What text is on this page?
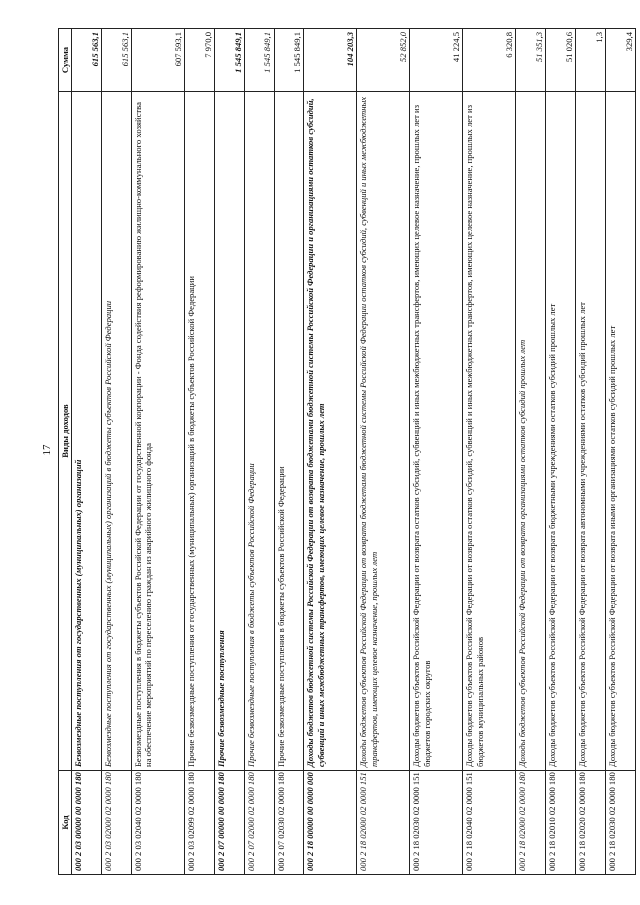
17
Код	Виды доходов	Сумма
000 2 03 00000 00 0000 180	Безвозмездные поступления от государственных (муниципальных) организаций	615 563,1
000 2 03 02000 02 0000 180	Безвозмездные поступления от государственных (муниципальных) организаций в бюджеты субъектов Российской Федерации	615 563,1
000 2 03 02040 02 0000 180	Безвозмездные поступления в бюджеты субъектов Российской Федерации от государственной корпорации - Фонда содействия реформированию жилищно-коммунального хозяйства на обеспечение мероприятий по переселению граждан из аварийного жилищного фонда	607 593,1
000 2 03 02099 02 0000 180	Прочие безвозмездные поступления от государственных (муниципальных) организаций в бюджеты субъектов Российской Федерации	7 970,0
000 2 07 00000 00 0000 180	Прочие безвозмездные поступления	1 545 849,1
000 2 07 02000 02 0000 180	Прочие безвозмездные поступления в бюджеты субъектов Российской Федерации	1 545 849,1
000 2 07 02030 02 0000 180	Прочие безвозмездные поступления в бюджеты субъектов Российской Федерации	1 545 849,1
000 2 18 00000 00 0000 000	Доходы бюджетов бюджетной системы Российской Федерации от возврата бюджетами бюджетной системы Российской Федерации и организациями остатков субсидий, субвенций и иных межбюджетных трансфертов, имеющих целевое назначение, прошлых лет	104 203,3
000 2 18 02000 02 0000 151	Доходы бюджетов субъектов Российской Федерации от возврата бюджетами бюджетной системы Российской Федерации остатков субсидий, субвенций и иных межбюджетных трансфертов, имеющих целевое назначение, прошлых лет	52 852,0
000 2 18 02030 02 0000 151	Доходы бюджетов субъектов Российской Федерации от возврата остатков субсидий, субвенций и иных межбюджетных трансфертов, имеющих целевое назначение, прошлых лет из бюджетов городских округов	41 224,5
000 2 18 02040 02 0000 151	Доходы бюджетов субъектов Российской Федерации от возврата остатков субсидий, субвенций и иных межбюджетных трансфертов, имеющих целевое назначение, прошлых лет из бюджетов муниципальных районов	6 320,8
000 2 18 02000 02 0000 180	Доходы бюджетов субъектов Российской Федерации от возврата организациями остатков субсидий прошлых лет	51 351,3
000 2 18 02010 02 0000 180	Доходы бюджетов субъектов Российской Федерации от возврата бюджетными учреждениями остатков субсидий прошлых лет	51 020,6
000 2 18 02020 02 0000 180	Доходы бюджетов субъектов Российской Федерации от возврата автономными учреждениями остатков субсидий прошлых лет	1,3
000 2 18 02030 02 0000 180	Доходы бюджетов субъектов Российской Федерации от возврата иными организациями остатков субсидий прошлых лет	329,4
